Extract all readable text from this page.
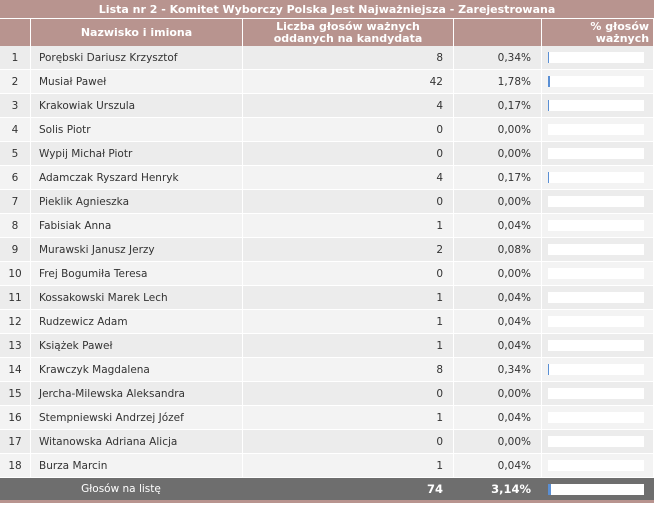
Lista nr 2 - Komitet Wyborczy Polska Jest Najważniejsza - Zarejestrowana				
	Nazwisko i imiona	Liczba głosów ważnych oddanych na kandydata		% głosów ważnych
1	Porębski Dariusz Krzysztof	8	0,34%	

2	Musiał Paweł	42	1,78%	

3	Krakowiak Urszula	4	0,17%	

4	Solis Piotr	0	0,00%	

5	Wypij Michał Piotr	0	0,00%	

6	Adamczak Ryszard Henryk	4	0,17%	

7	Pieklik Agnieszka	0	0,00%	

8	Fabisiak Anna	1	0,04%	

9	Murawski Janusz Jerzy	2	0,08%	

10	Frej Bogumiła Teresa	0	0,00%	

11	Kossakowski Marek Lech	1	0,04%	

12	Rudzewicz Adam	1	0,04%	

13	Książek Paweł	1	0,04%	

14	Krawczyk Magdalena	8	0,34%	

15	Jercha-Milewska Aleksandra	0	0,00%	

16	Stempniewski Andrzej Józef	1	0,04%	

17	Witanowska Adriana Alicja	0	0,00%	

18	Burza Marcin	1	0,04%	

Głosów na listę		74	3,14%	
